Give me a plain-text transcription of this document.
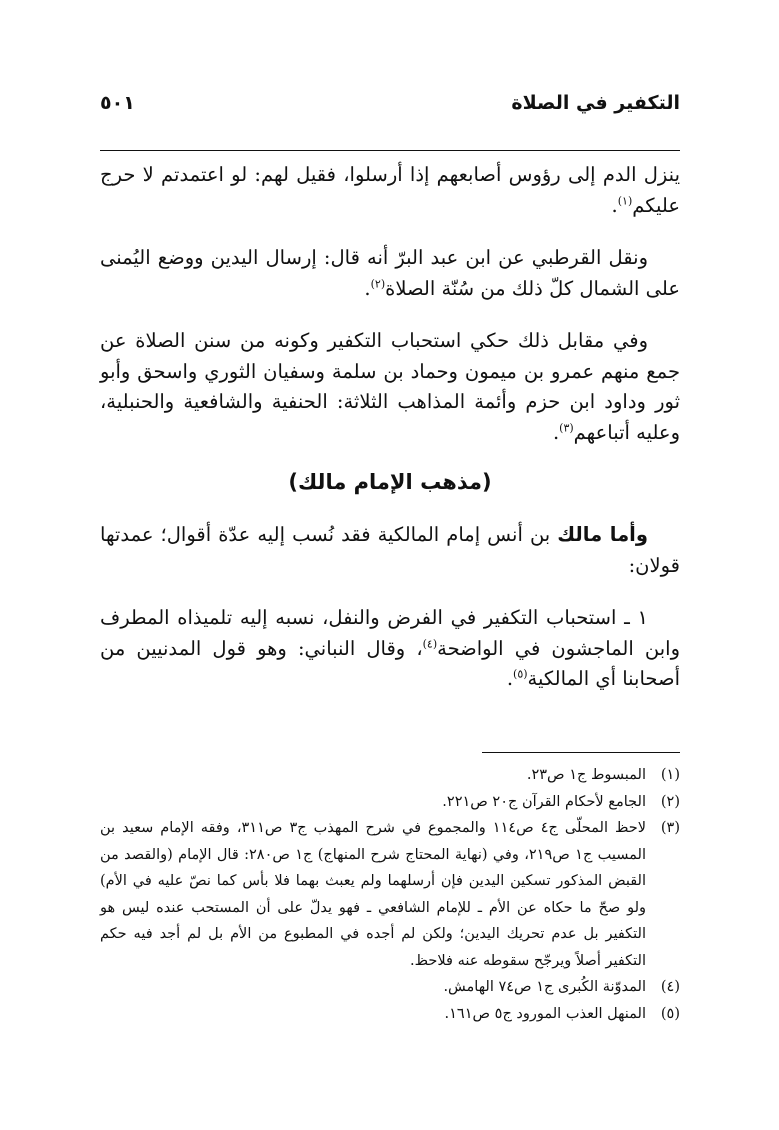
التكفير في الصلاة
٥٠١

ينزل الدم إلى رؤوس أصابعهم إذا أرسلوا، فقيل لهم: لو اعتمدتم لا حرج عليكم$^{(١)}$.

ونقل القرطبي عن ابن عبد البرّ أنه قال: إرسال اليدين ووضع اليُمنى على الشمال كلّ ذلك من سُنّة الصلاة$^{(٢)}$.

وفي مقابل ذلك حكي استحباب التكفير وكونه من سنن الصلاة عن جمع منهم عمرو بن ميمون وحماد بن سلمة وسفيان الثوري واسحق وأبو ثور وداود ابن حزم وأئمة المذاهب الثلاثة: الحنفية والشافعية والحنبلية، وعليه أتباعهم$^{(٣)}$.

(مذهب الإمام مالك)

وأما مالك بن أنس إمام المالكية فقد نُسب إليه عدّة أقوال؛ عمدتها قولان:

١ ـ استحباب التكفير في الفرض والنفل، نسبه إليه تلميذاه المطرف وابن الماجشون في الواضحة$^{(٤)}$، وقال النباني: وهو قول المدنيين من أصحابنا أي المالكية$^{(٥)}$.

(١)
المبسوط ج١ ص٢٣.
(٢)
الجامع لأحكام القرآن ج٢٠ ص٢٢١.
(٣)
لاحظ المحلّى ج٤ ص١١٤ والمجموع في شرح المهذب ج٣ ص٣١١، وفقه الإمام سعيد بن المسيب ج١ ص٢١٩، وفي (نهاية المحتاج شرح المنهاج) ج١ ص٢٨٠: قال الإمام (والقصد من القبض المذكور تسكين اليدين فإن أرسلهما ولم يعبث بهما فلا بأس كما نصّ عليه في الأم) ولو صحّ ما حكاه عن الأم ـ للإمام الشافعي ـ فهو يدلّ على أن المستحب عنده ليس هو التكفير بل عدم تحريك اليدين؛ ولكن لم أجده في المطبوع من الأم بل لم أجد فيه حكم التكفير أصلاً ويرجّح سقوطه عنه فلاحظ.
(٤)
المدوّنة الكُبرى ج١ ص٧٤ الهامش.
(٥)
المنهل العذب المورود ج٥ ص١٦١.
